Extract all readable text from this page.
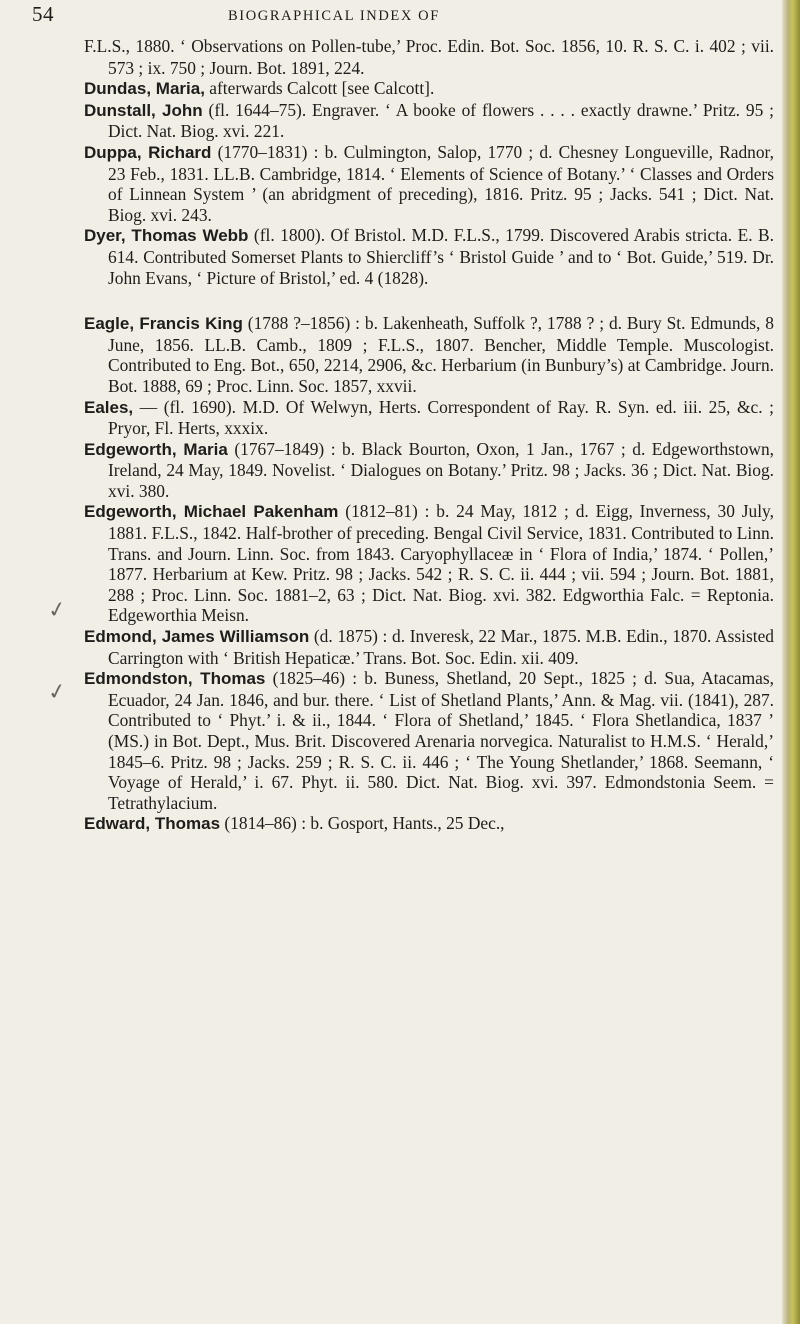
54	BIOGRAPHICAL INDEX OF
✓
✓

F.L.S., 1880. ‘ Observations on Pollen-tube,’ Proc. Edin. Bot. Soc. 1856, 10. R. S. C. i. 402 ; vii. 573 ; ix. 750 ; Journ. Bot. 1891, 224.

Dundas, Maria, afterwards Calcott [see Calcott].

Dunstall, John (fl. 1644–75). Engraver. ‘ A booke of flowers . . . . exactly drawne.’ Pritz. 95 ; Dict. Nat. Biog. xvi. 221.

Duppa, Richard (1770–1831) : b. Culmington, Salop, 1770 ; d. Chesney Longueville, Radnor, 23 Feb., 1831. LL.B. Cambridge, 1814. ‘ Elements of Science of Botany.’ ‘ Classes and Orders of Linnean System ’ (an abridgment of preceding), 1816. Pritz. 95 ; Jacks. 541 ; Dict. Nat. Biog. xvi. 243.

Dyer, Thomas Webb (fl. 1800). Of Bristol. M.D. F.L.S., 1799. Discovered Arabis stricta. E. B. 614. Contributed Somerset Plants to Shiercliff’s ‘ Bristol Guide ’ and to ‘ Bot. Guide,’ 519. Dr. John Evans, ‘ Picture of Bristol,’ ed. 4 (1828).

Eagle, Francis King (1788 ?–1856) : b. Lakenheath, Suffolk ?, 1788 ? ; d. Bury St. Edmunds, 8 June, 1856. LL.B. Camb., 1809 ; F.L.S., 1807. Bencher, Middle Temple. Muscologist. Contributed to Eng. Bot., 650, 2214, 2906, &c. Herbarium (in Bunbury’s) at Cambridge. Journ. Bot. 1888, 69 ; Proc. Linn. Soc. 1857, xxvii.

Eales, — (fl. 1690). M.D. Of Welwyn, Herts. Correspondent of Ray. R. Syn. ed. iii. 25, &c. ; Pryor, Fl. Herts, xxxix.

Edgeworth, Maria (1767–1849) : b. Black Bourton, Oxon, 1 Jan., 1767 ; d. Edgeworthstown, Ireland, 24 May, 1849. Novelist. ‘ Dialogues on Botany.’ Pritz. 98 ; Jacks. 36 ; Dict. Nat. Biog. xvi. 380.

Edgeworth, Michael Pakenham (1812–81) : b. 24 May, 1812 ; d. Eigg, Inverness, 30 July, 1881. F.L.S., 1842. Half-brother of preceding. Bengal Civil Service, 1831. Contributed to Linn. Trans. and Journ. Linn. Soc. from 1843. Caryophyllaceæ in ‘ Flora of India,’ 1874. ‘ Pollen,’ 1877. Herbarium at Kew. Pritz. 98 ; Jacks. 542 ; R. S. C. ii. 444 ; vii. 594 ; Journ. Bot. 1881, 288 ; Proc. Linn. Soc. 1881–2, 63 ; Dict. Nat. Biog. xvi. 382. Edgworthia Falc. = Reptonia. Edgeworthia Meisn.

Edmond, James Williamson (d. 1875) : d. Inveresk, 22 Mar., 1875. M.B. Edin., 1870. Assisted Carrington with ‘ British Hepaticæ.’ Trans. Bot. Soc. Edin. xii. 409.

Edmondston, Thomas (1825–46) : b. Buness, Shetland, 20 Sept., 1825 ; d. Sua, Atacamas, Ecuador, 24 Jan. 1846, and bur. there. ‘ List of Shetland Plants,’ Ann. & Mag. vii. (1841), 287. Contributed to ‘ Phyt.’ i. & ii., 1844. ‘ Flora of Shetland,’ 1845. ‘ Flora Shetlandica, 1837 ’ (MS.) in Bot. Dept., Mus. Brit. Discovered Arenaria norvegica. Naturalist to H.M.S. ‘ Herald,’ 1845–6. Pritz. 98 ; Jacks. 259 ; R. S. C. ii. 446 ; ‘ The Young Shetlander,’ 1868. Seemann, ‘ Voyage of Herald,’ i. 67. Phyt. ii. 580. Dict. Nat. Biog. xvi. 397. Edmondstonia Seem. = Tetrathylacium.

Edward, Thomas (1814–86) : b. Gosport, Hants., 25 Dec.,
